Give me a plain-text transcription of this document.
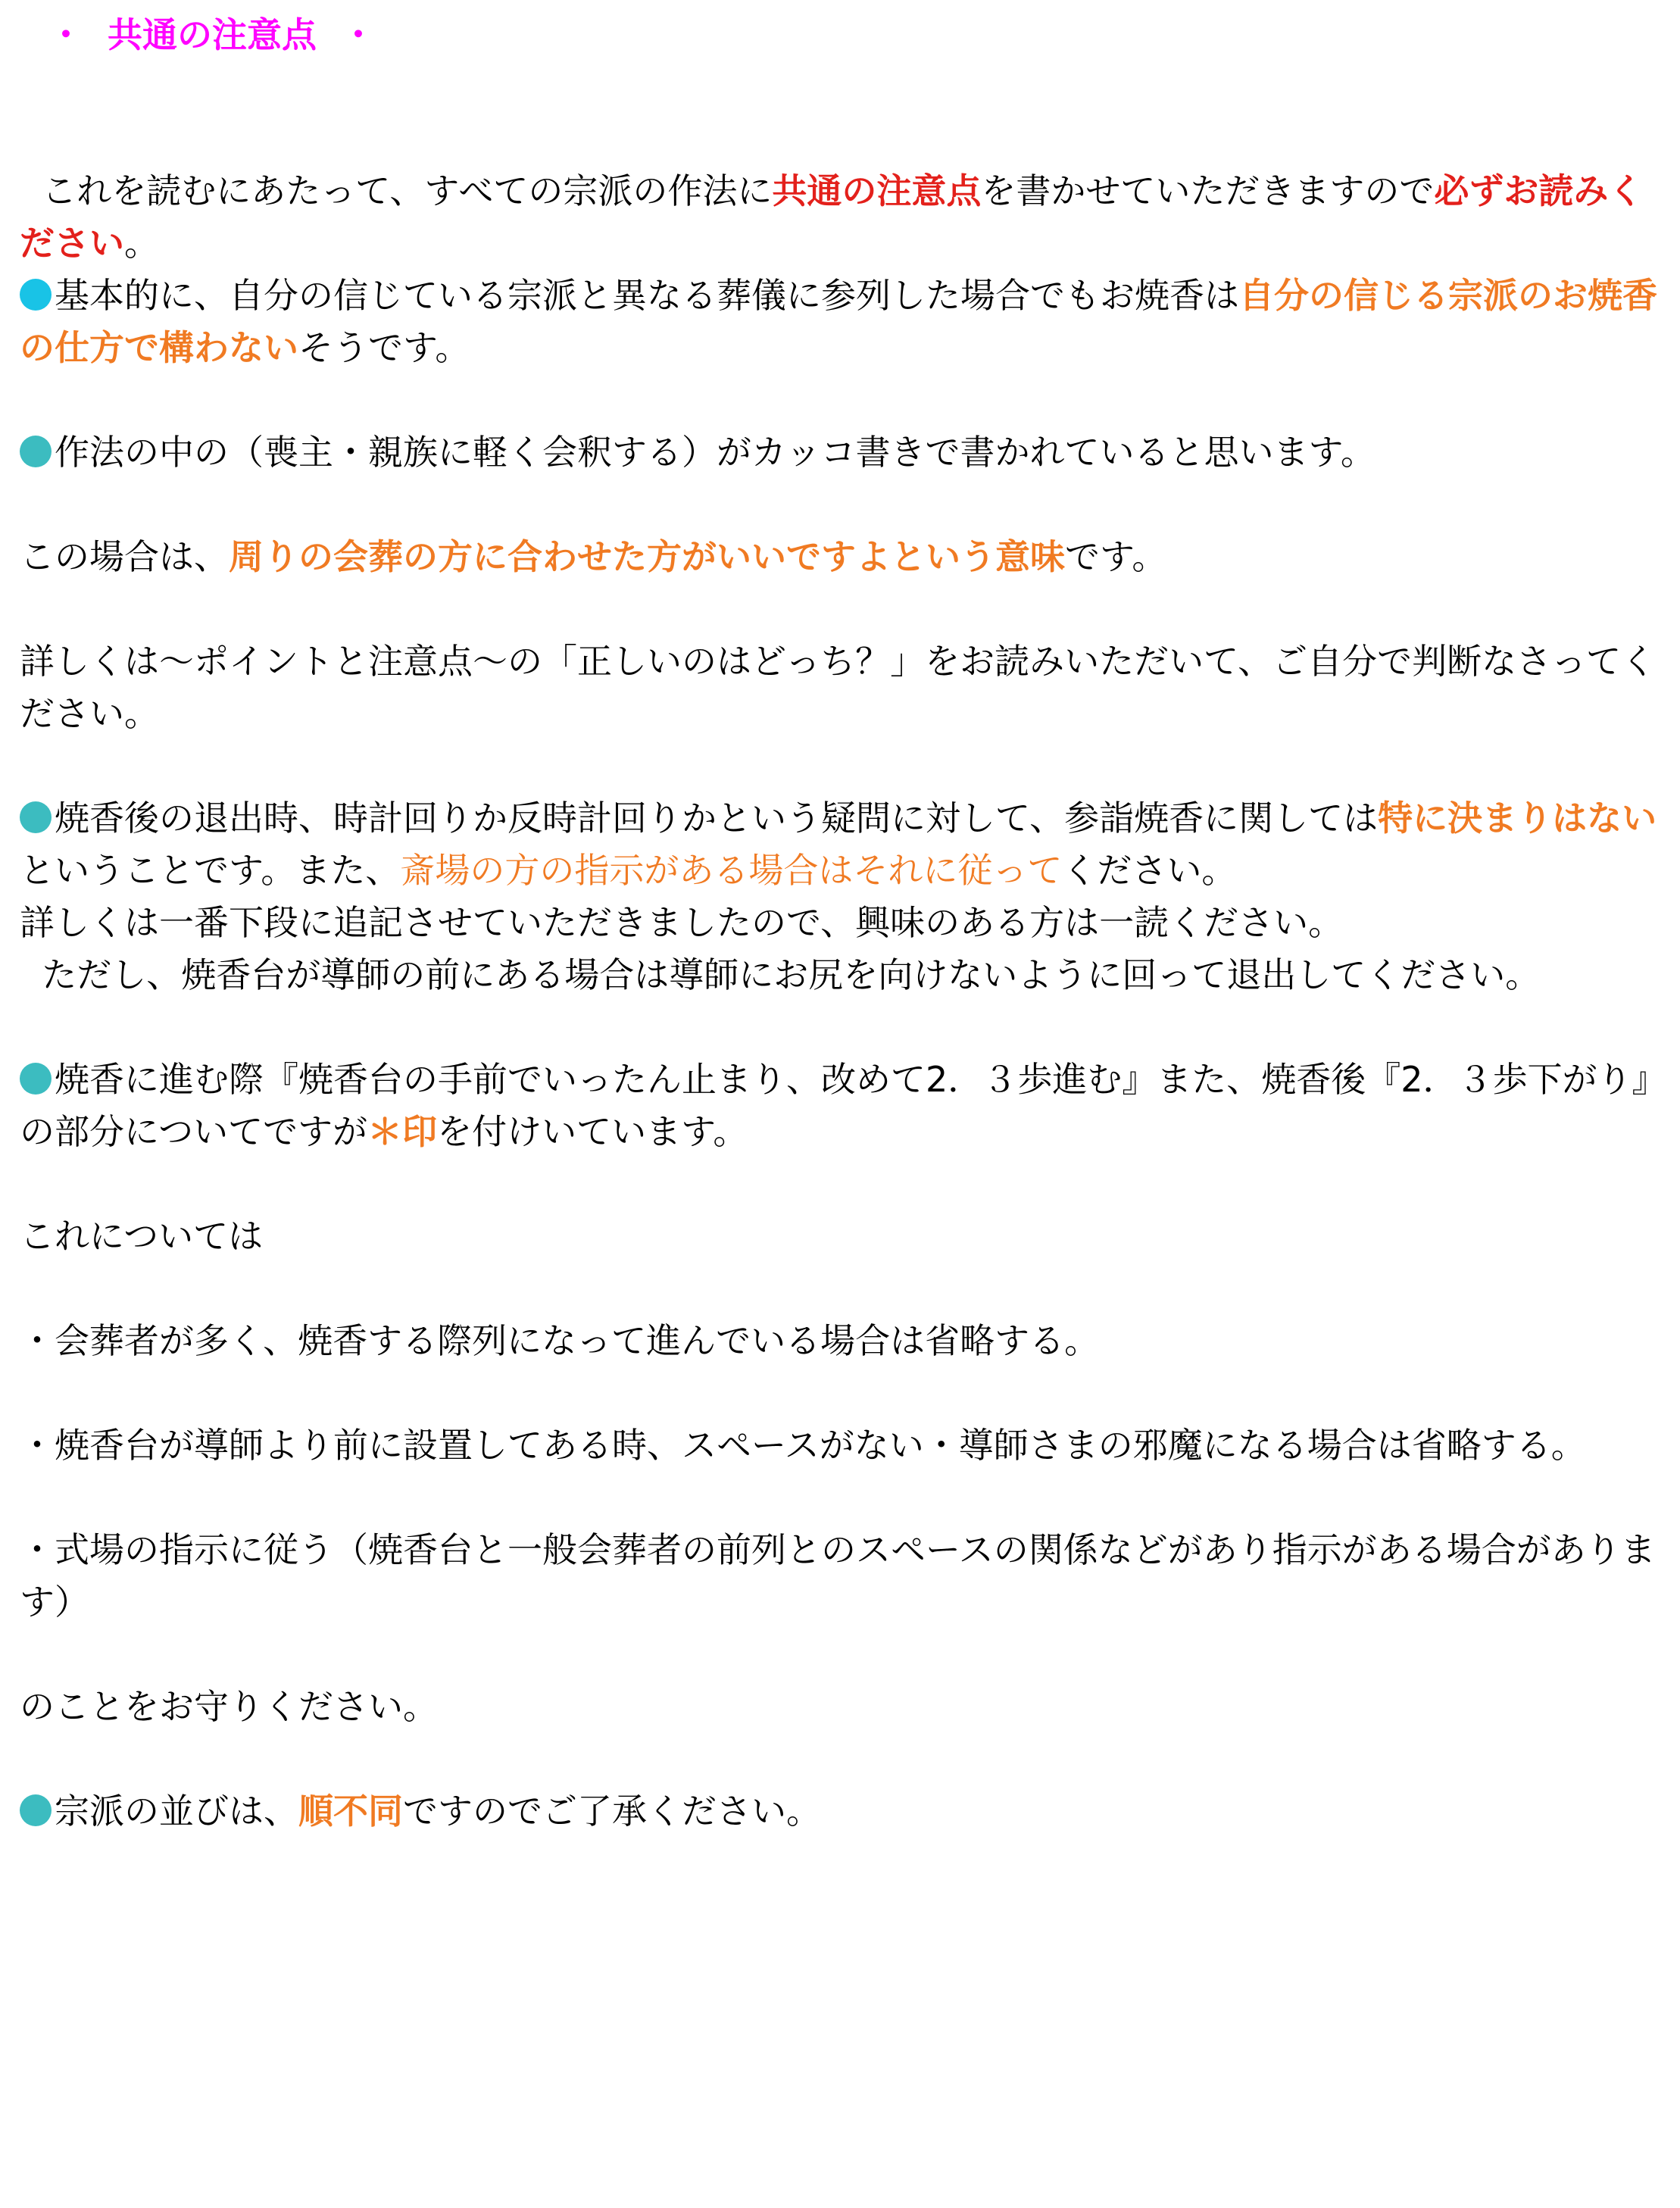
・  共通の注意点  ・

これを読むにあたって、すべての宗派の作法に共通の注意点を書かせていただきますので必ずお読みください。

基本的に、自分の信じている宗派と異なる葬儀に参列した場合でもお焼香は自分の信じる宗派のお焼香の仕方で構わないそうです。

作法の中の（喪主・親族に軽く会釈する）がカッコ書きで書かれていると思います。

この場合は、周りの会葬の方に合わせた方がいいですよという意味です。

詳しくは～ポイントと注意点～の「正しいのはどっち？」をお読みいただいて、ご自分で判断なさってください。

焼香後の退出時、時計回りか反時計回りかという疑問に対して、参詣焼香に関しては特に決まりはないということです。また、斎場の方の指示がある場合はそれに従ってください。

詳しくは一番下段に追記させていただきましたので、興味のある方は一読ください。

ただし、焼香台が導師の前にある場合は導師にお尻を向けないように回って退出してください。

焼香に進む際『焼香台の手前でいったん止まり、改めて2．３歩進む』また、焼香後『2．３歩下がり』の部分についてですが＊印を付けいています。

これについては

・会葬者が多く、焼香する際列になって進んでいる場合は省略する。

・焼香台が導師より前に設置してある時、スペースがない・導師さまの邪魔になる場合は省略する。

・式場の指示に従う（焼香台と一般会葬者の前列とのスペースの関係などがあり指示がある場合があります）

のことをお守りください。

宗派の並びは、順不同ですのでご了承ください。
